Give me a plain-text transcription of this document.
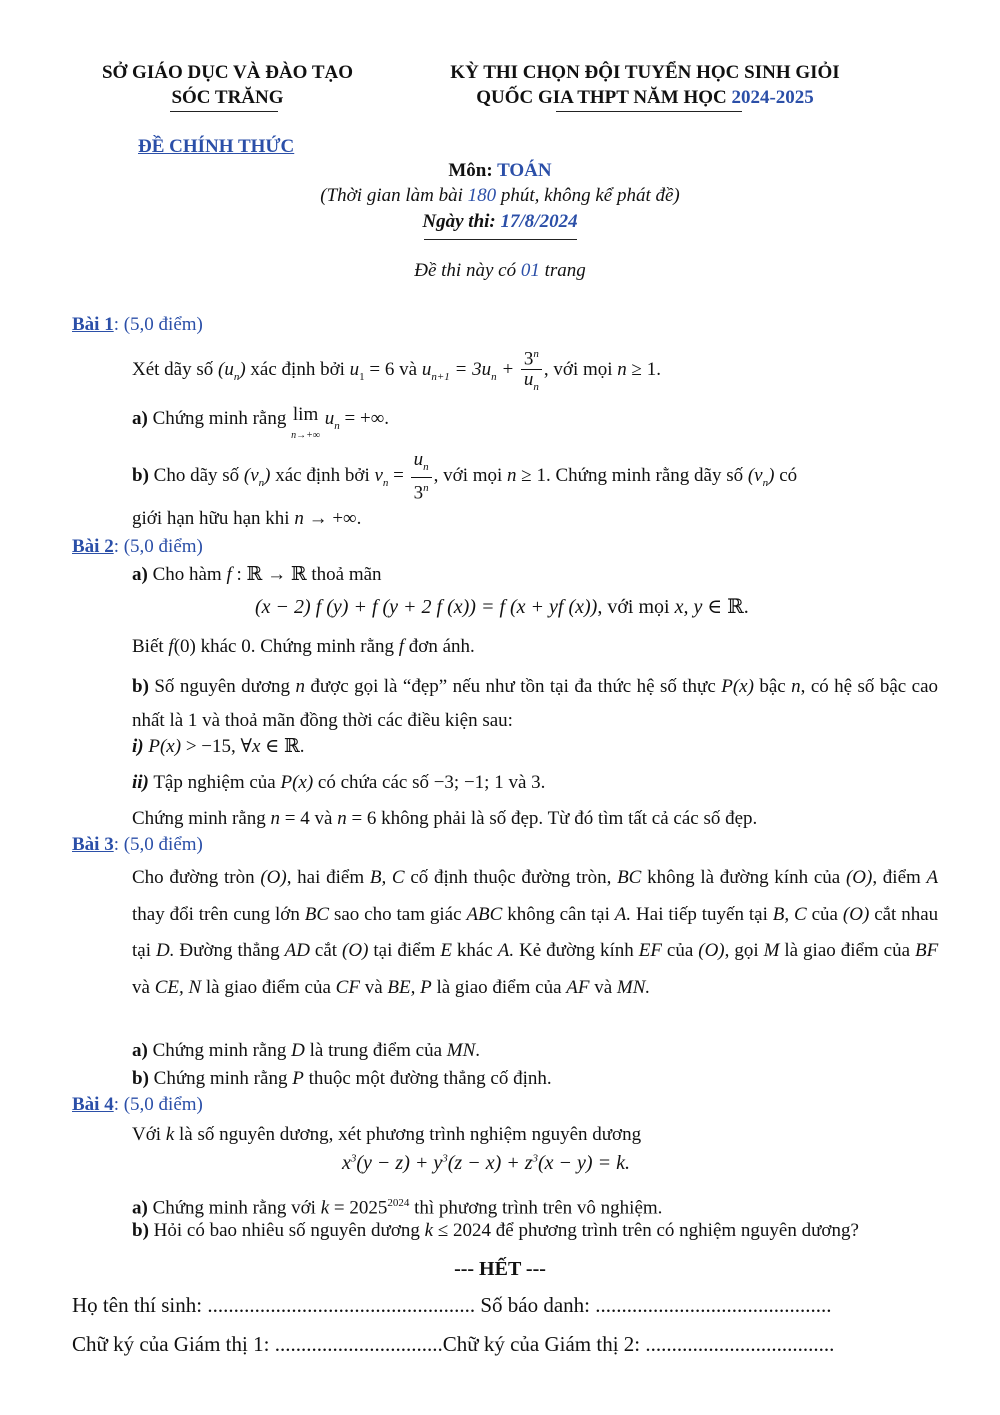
SỞ GIÁO DỤC VÀ ĐÀO TẠO
SÓC TRĂNG
KỲ THI CHỌN ĐỘI TUYỂN HỌC SINH GIỎI
QUỐC GIA THPT NĂM HỌC 2024-2025
ĐỀ CHÍNH THỨC
Môn: TOÁN
(Thời gian làm bài 180 phút, không kể phát đề)
Ngày thi: 17/8/2024
Đề thi này có 01 trang
Bài 1: (5,0 điểm)
Xét dãy số $(u_n)$ xác định bởi $u_1 = 6$ và $u_{n+1} = 3u_n + \frac{3^n}{u_n}$ , với mọi n ≥ 1.
a) Chứng minh rằng lim
n→+∞ $u_n$ = +∞.
b) Cho dãy số $(v_n)$ xác định bởi $v_n = \frac{u_n}{3^n}$ , với mọi n ≥ 1. Chứng minh rằng dãy số $(v_n)$ có
giới hạn hữu hạn khi n → +∞.
Bài 2: (5,0 điểm)
a) Cho hàm f : ℝ → ℝ thoả mãn
(x − 2) f (y) + f (y + 2 f (x)) = f (x + yf (x)), với mọi x, y ∈ ℝ.
Biết f(0) khác 0. Chứng minh rằng f đơn ánh.
b) Số nguyên dương n được gọi là “đẹp” nếu như tồn tại đa thức hệ số thực P(x) bậc n, có hệ số bậc cao nhất là 1 và thoả mãn đồng thời các điều kiện sau:
i) P(x) > −15, ∀x ∈ ℝ.
ii) Tập nghiệm của P(x) có chứa các số −3; −1; 1 và 3.
Chứng minh rằng n = 4 và n = 6 không phải là số đẹp. Từ đó tìm tất cả các số đẹp.
Bài 3: (5,0 điểm)
Cho đường tròn (O), hai điểm B, C cố định thuộc đường tròn, BC không là đường kính của (O), điểm A thay đổi trên cung lớn BC sao cho tam giác ABC không cân tại A. Hai tiếp tuyến tại B, C của (O) cắt nhau tại D. Đường thẳng AD cắt (O) tại điểm E khác A. Kẻ đường kính EF của (O), gọi M là giao điểm của BF và CE, N là giao điểm của CF và BE, P là giao điểm của AF và MN.
a) Chứng minh rằng D là trung điểm của MN.
b) Chứng minh rằng P thuộc một đường thẳng cố định.
Bài 4: (5,0 điểm)
Với k là số nguyên dương, xét phương trình nghiệm nguyên dương
$x^3(y - z) + y^3(z - x) + z^3(x - y) = k$.
a) Chứng minh rằng với $k = 2025^{2024}$ thì phương trình trên vô nghiệm.
b) Hỏi có bao nhiêu số nguyên dương k ≤ 2024 để phương trình trên có nghiệm nguyên dương?
--- HẾT ---
Họ tên thí sinh: ................................................... Số báo danh: .............................................
Chữ ký của Giám thị 1: ................................Chữ ký của Giám thị 2: ....................................
